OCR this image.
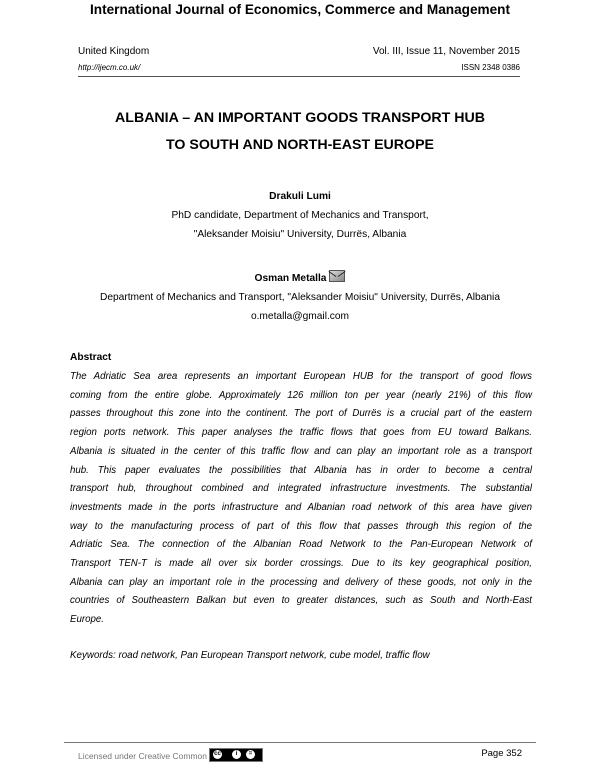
International Journal of Economics, Commerce and Management
United Kingdom	Vol. III, Issue 11, November 2015
http://ijecm.co.uk/	ISSN 2348 0386
ALBANIA – AN IMPORTANT GOODS TRANSPORT HUB
TO SOUTH AND NORTH-EAST EUROPE
Drakuli Lumi
PhD candidate, Department of Mechanics and Transport,
"Aleksander Moisiu" University, Durrës, Albania
Osman Metalla
Department of Mechanics and Transport, "Aleksander Moisiu" University, Durrës, Albania
o.metalla@gmail.com
Abstract
The Adriatic Sea area represents an important European HUB for the transport of good flows
coming from the entire globe. Approximately 126 million ton per year (nearly 21%) of this flow
passes throughout this zone into the continent. The port of Durrës is a crucial part of the eastern
region ports network. This paper analyses the traffic flows that goes from EU toward Balkans.
Albania is situated in the center of this traffic flow and can play an important role as a transport
hub. This paper evaluates the possibilities that Albania has in order to become a central
transport hub, throughout combined and integrated infrastructure investments. The substantial
investments made in the ports infrastructure and Albanian road network of this area have given
way to the manufacturing process of part of this flow that passes through this region of the
Adriatic Sea. The connection of the Albanian Road Network to the Pan-European Network of
Transport TEN-T is made all over six border crossings. Due to its key geographical position,
Albania can play an important role in the processing and delivery of these goods, not only in the
countries of Southeastern Balkan but even to greater distances, such as South and North-East
Europe.
Keywords: road network, Pan European Transport network, cube model, traffic flow
Licensed under Creative Common cc	i	=	Page 352
